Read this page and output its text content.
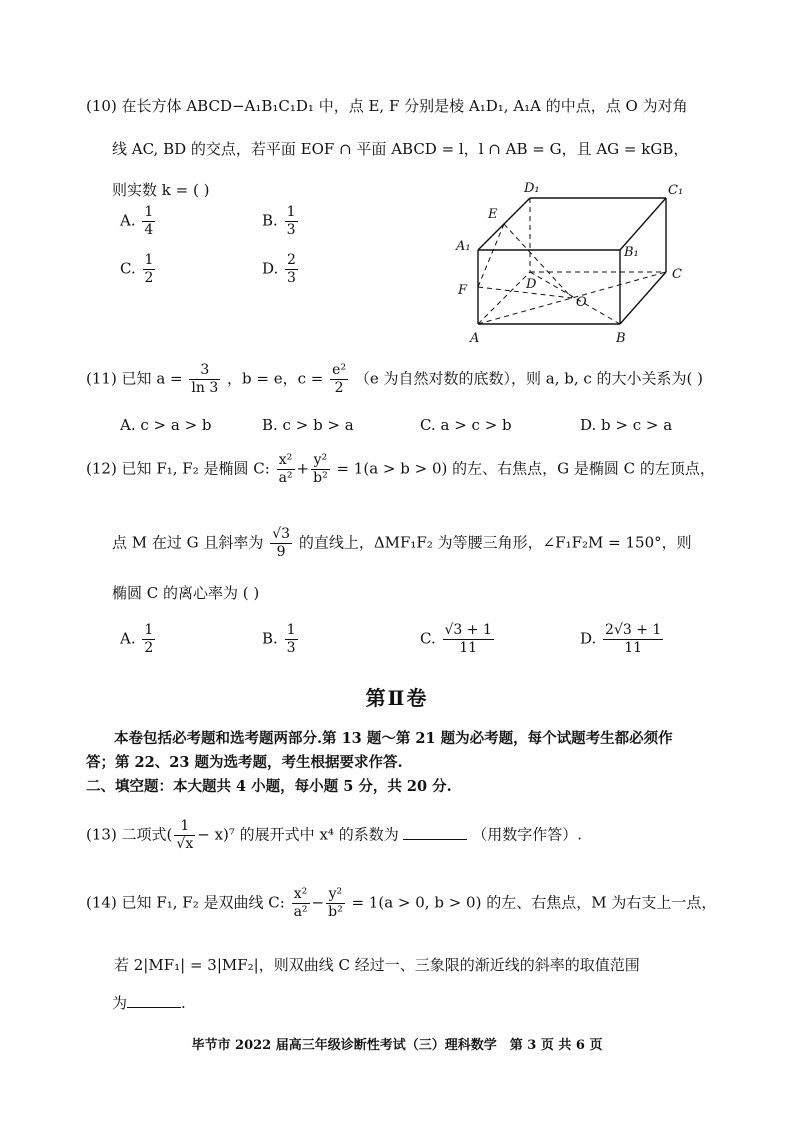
(10) 在长方体 ABCD−A₁B₁C₁D₁ 中，点 E, F 分别是棱 A₁D₁, A₁A 的中点，点 O 为对角
线 AC, BD 的交点，若平面 EOF ∩ 平面 ABCD = l，l ∩ AB = G，且 AG = kGB，
则实数 k = ( )
A. $\frac{1}{4}$	B. $\frac{1}{3}$
C. $\frac{1}{2}$	D. $\frac{2}{3}$
D₁	C₁
E
A₁	B₁
C
D
F
O
A	B
(11) 已知 $a = \frac{3}{\ln 3}$ ，b = e，$c = \frac{\text{e²}}{2} (e$ 为自然对数的底数），则 a, b, c 的大小关系为( )
A. c > a > b	B. c > b > a	C. a > c > b	D. b > c > a
(12) 已知 F₁, F₂ 是椭圆 C: $\frac{\text{x²}}{\text{a²}} + \frac{\text{y²}}{\text{b²}} = 1(a > b > 0)$ 的左、右焦点，G 是椭圆 C 的左顶点，
点 M 在过 G 且斜率为 $\frac{√3}{9}$ 的直线上，ΔMF₁F₂ 为等腰三角形，∠F₁F₂M = 150°，则
椭圆 C 的离心率为 ( )
A. $\frac{1}{2}$	B. $\frac{1}{3}$	C. $\frac{√3 + 1}{11}$	D. $\frac{2√3 + 1}{11}$
第Ⅱ卷
本卷包括必考题和选考题两部分.第 13 题～第 21 题为必考题，每个试题考生都必须作
答；第 22、23 题为选考题，考生根据要求作答.
二、填空题：本大题共 4 小题，每小题 5 分，共 20 分.
(13) 二项式( $\frac{1}{√x} - x)^7$ 的展开式中 x⁴ 的系数为	（用数字作答）.
(14) 已知 F₁, F₂ 是双曲线 C: $\frac{\text{x²}}{\text{a²}} - \frac{\text{y²}}{\text{b²}} = 1(a > 0$, b > 0) 的左、右焦点，M 为右支上一点，
若 2|MF₁| = 3|MF₂|，则双曲线 C 经过一、三象限的渐近线的斜率的取值范围
为	.
毕节市 2022 届高三年级诊断性考试（三）理科数学　第 3 页 共 6 页
